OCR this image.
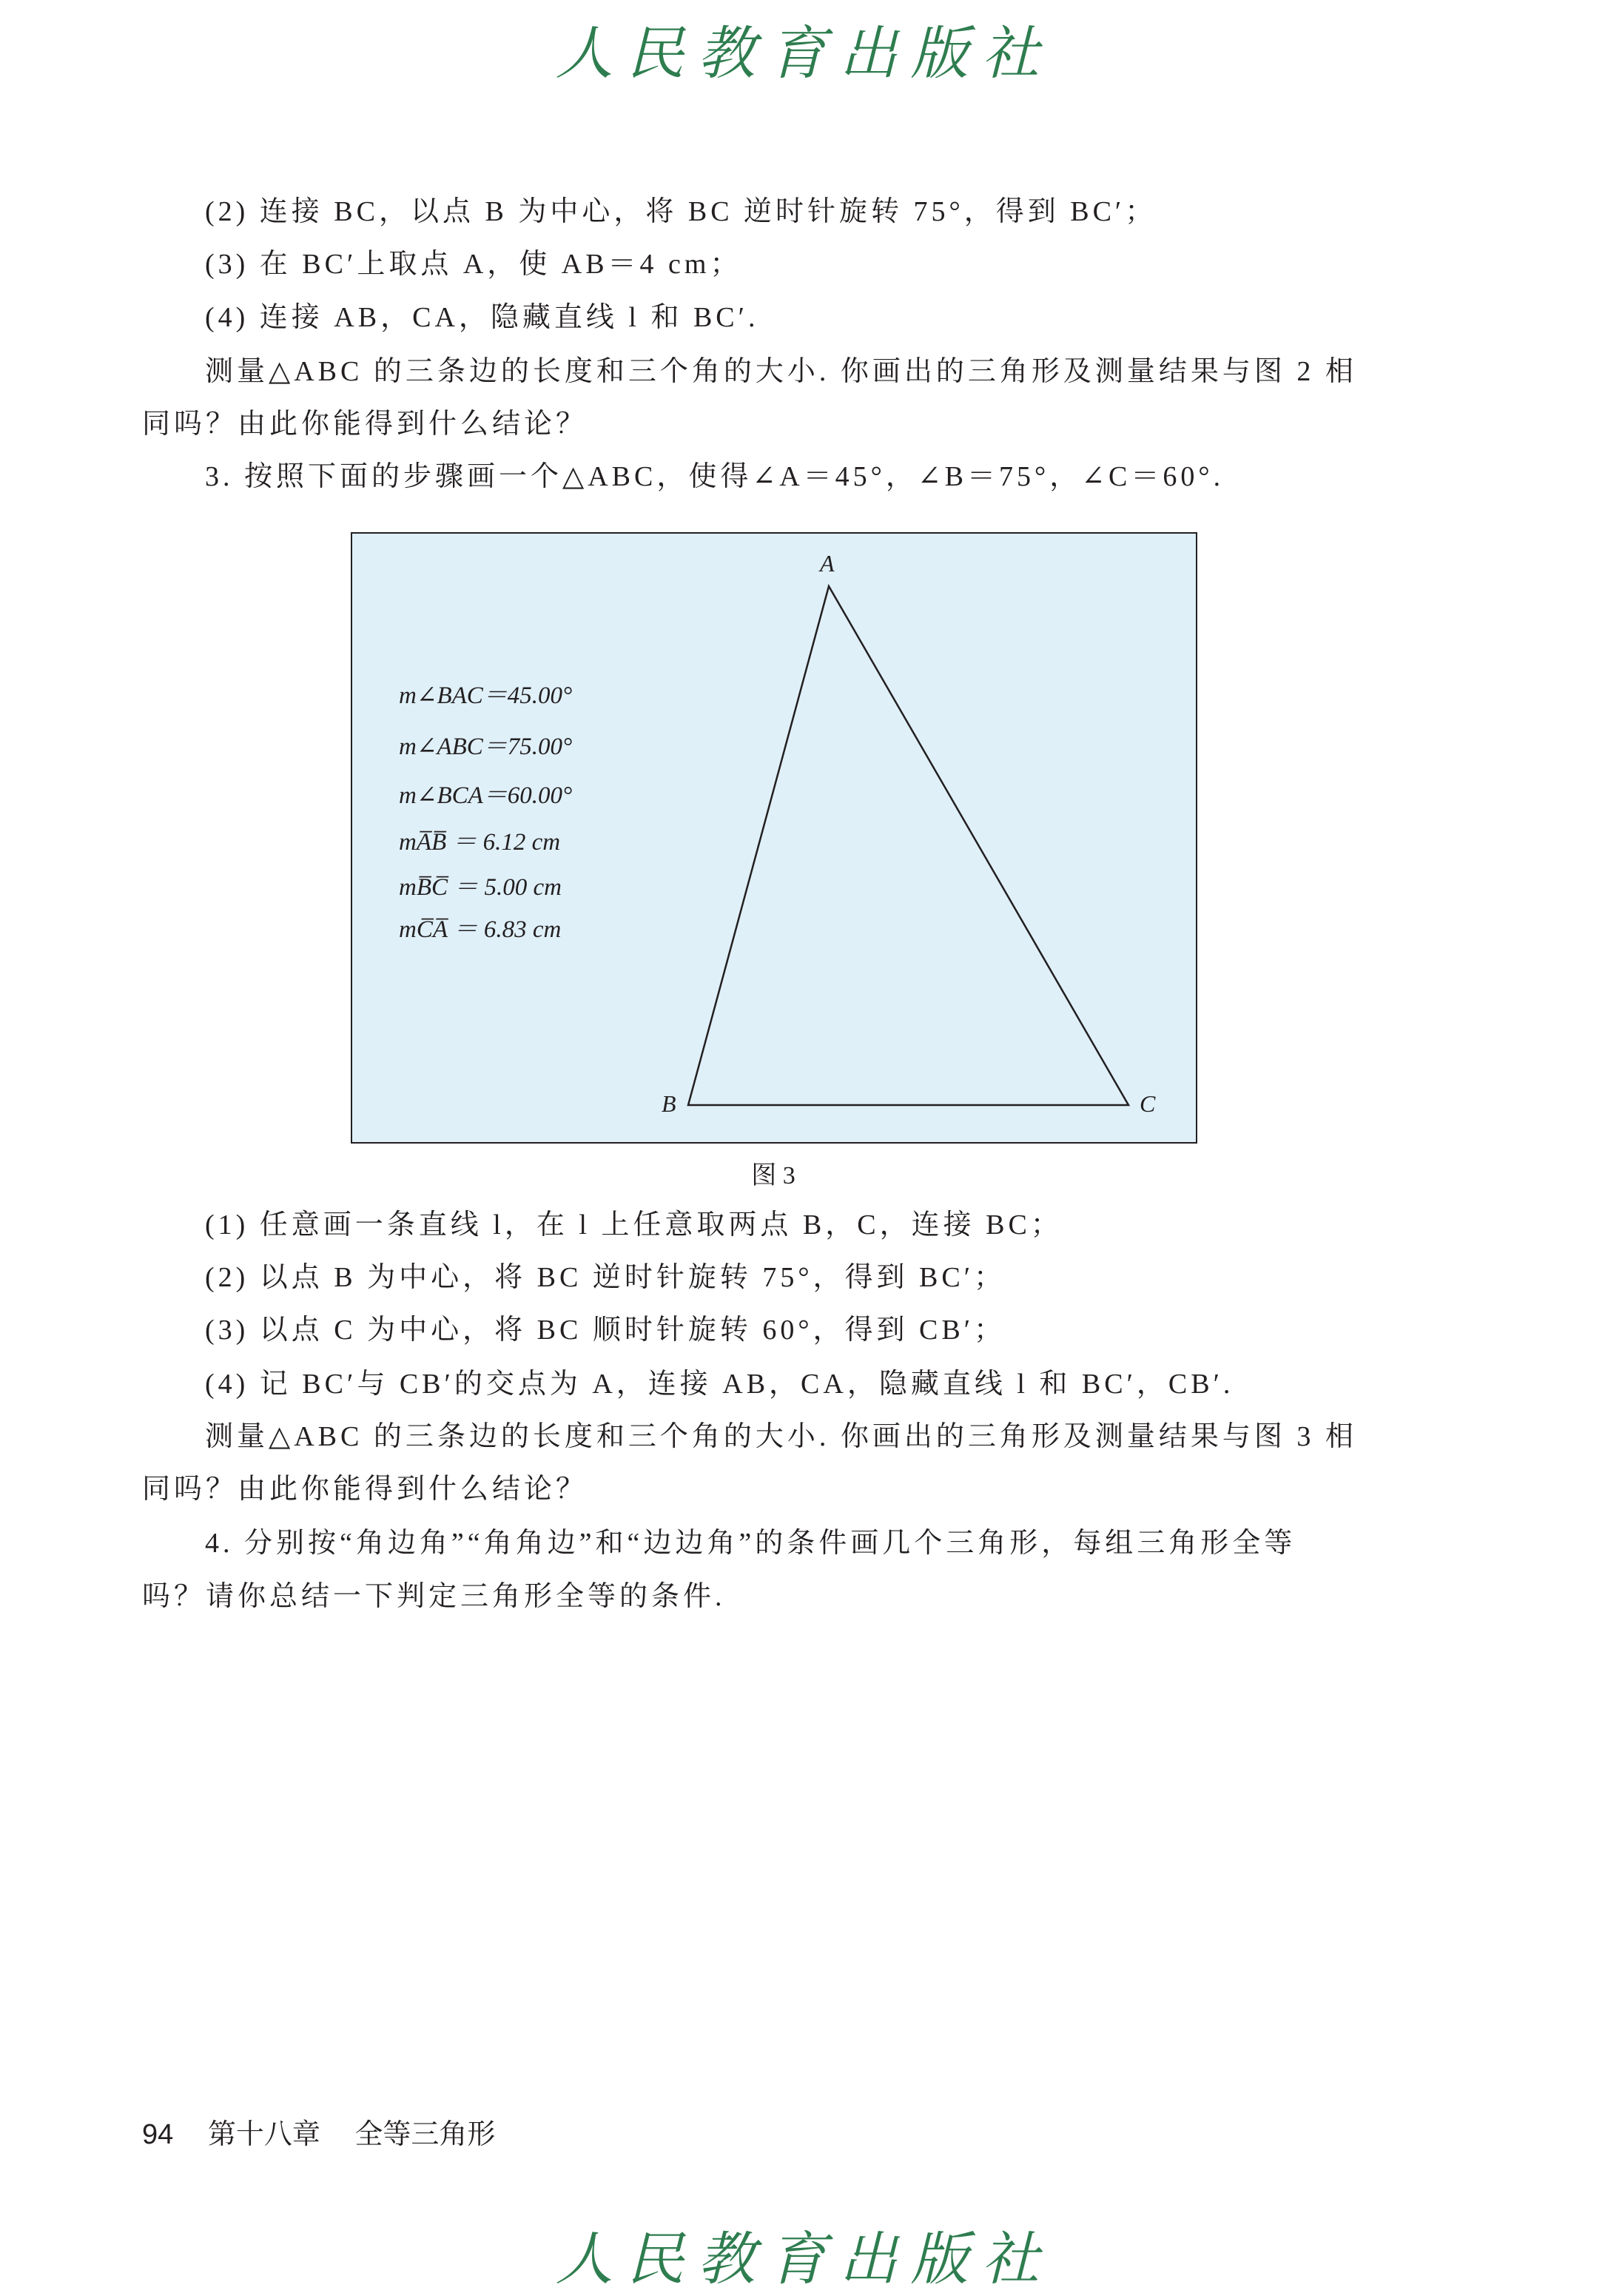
人民教育出版社
(2) 连接 BC，以点 B 为中心，将 BC 逆时针旋转 75°，得到 BC′；
(3) 在 BC′上取点 A，使 AB＝4 cm；
(4) 连接 AB，CA，隐藏直线 l 和 BC′.
测量△ABC 的三条边的长度和三个角的大小. 你画出的三角形及测量结果与图 2 相
同吗？由此你能得到什么结论？
3. 按照下面的步骤画一个△ABC，使得∠A＝45°，∠B＝75°，∠C＝60°.
A
B	C
m∠BAC＝45.00°
m∠ABC＝75.00°
m∠BCA＝60.00°
mA̅B̅ ＝ 6.12 cm
mB̅C̅ ＝ 5.00 cm
mC̅A̅ ＝ 6.83 cm
图 3
(1) 任意画一条直线 l，在 l 上任意取两点 B，C，连接 BC；
(2) 以点 B 为中心，将 BC 逆时针旋转 75°，得到 BC′；
(3) 以点 C 为中心，将 BC 顺时针旋转 60°，得到 CB′；
(4) 记 BC′与 CB′的交点为 A，连接 AB，CA，隐藏直线 l 和 BC′，CB′.
测量△ABC 的三条边的长度和三个角的大小. 你画出的三角形及测量结果与图 3 相
同吗？由此你能得到什么结论？
4. 分别按“角边角”“角角边”和“边边角”的条件画几个三角形，每组三角形全等
吗？请你总结一下判定三角形全等的条件.
94 第十八章 全等三角形
人民教育出版社
